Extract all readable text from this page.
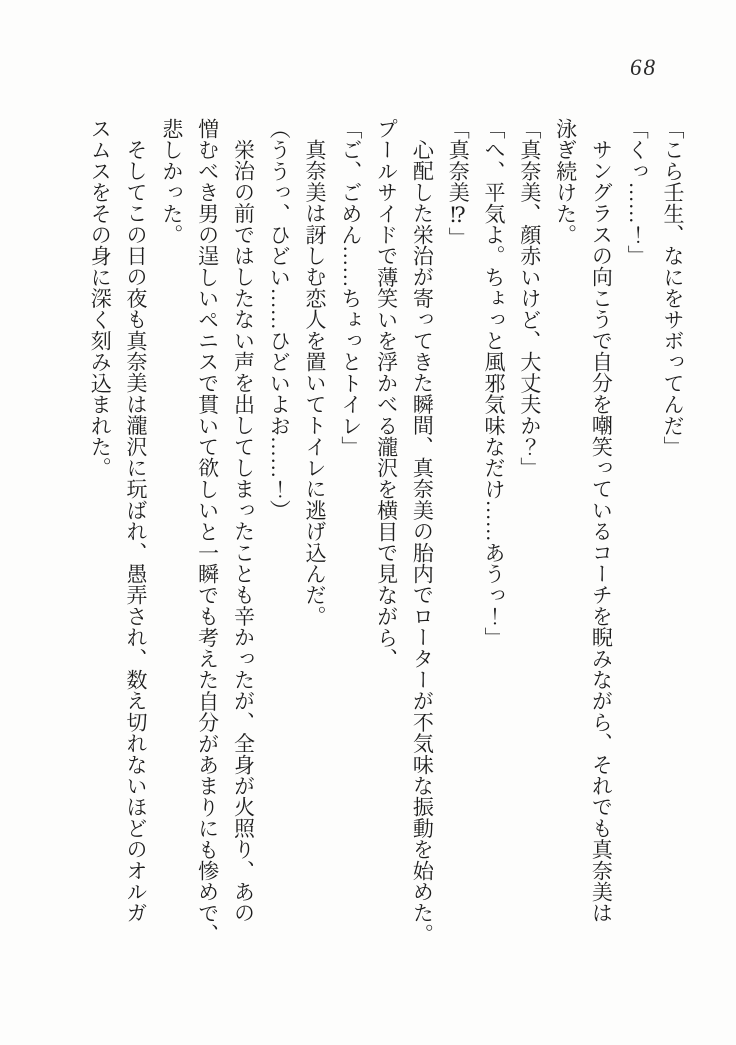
68

「こら壬生、なにをサボってんだ」

「くっ……！」

サングラスの向こうで自分を嘲笑っているコーチを睨みながら、それでも真奈美は

泳ぎ続けた。

「真奈美、顔赤いけど、大丈夫か？」

「へ、平気よ。ちょっと風邪気味なだけ……あうっ！」

「真奈美⁉」

心配した栄治が寄ってきた瞬間、真奈美の胎内でローターが不気味な振動を始めた。

プールサイドで薄笑いを浮かべる瀧沢を横目で見ながら、

「ご、ごめん……ちょっとトイレ」

真奈美は訝しむ恋人を置いてトイレに逃げ込んだ。

（ううっ、ひどい……ひどいよお……！）

栄治の前ではしたない声を出してしまったことも辛かったが、全身が火照り、あの

憎むべき男の逞しいペニスで貫いて欲しいと一瞬でも考えた自分があまりにも惨めで、

悲しかった。

そしてこの日の夜も真奈美は瀧沢に玩ばれ、愚弄され、数え切れないほどのオルガ

スムスをその身に深く刻み込まれた。
